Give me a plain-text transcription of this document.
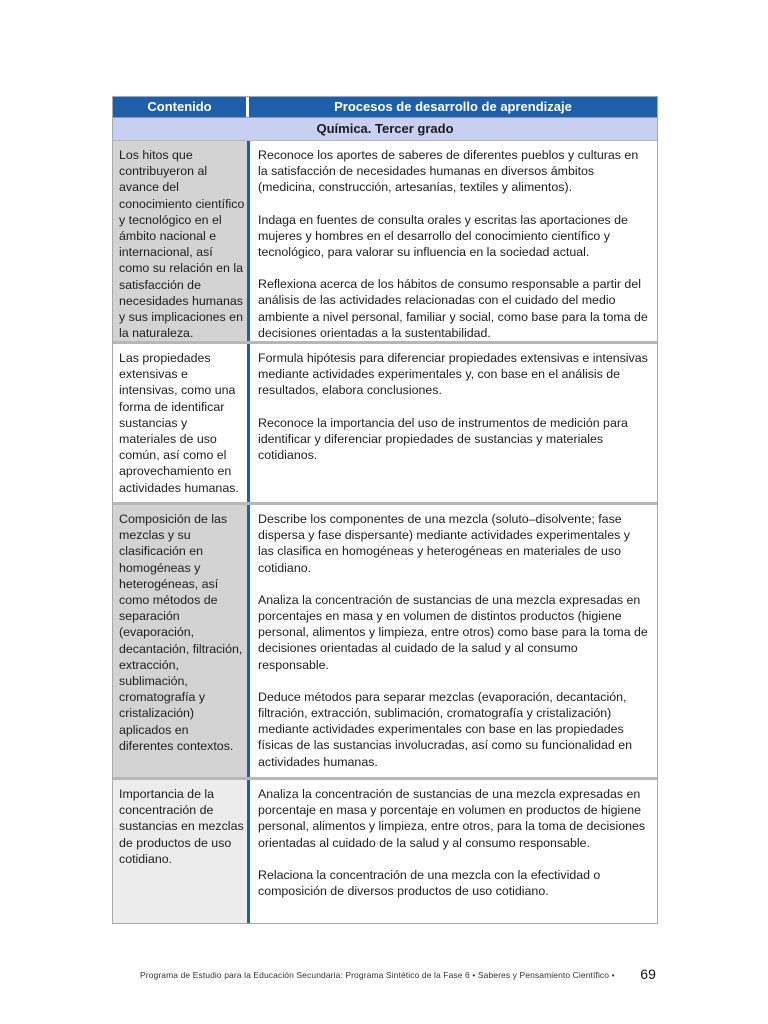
Contenido	Procesos de desarrollo de aprendizaje
Química. Tercer grado
Los hitos que contribuyeron al avance del conocimiento científico y tecnológico en el ámbito nacional e internacional, así como su relación en la satisfacción de necesidades humanas y sus implicaciones en la naturaleza.

Reconoce los aportes de saberes de diferentes pueblos y culturas en la satisfacción de necesidades humanas en diversos ámbitos (medicina, construcción, artesanías, textiles y alimentos).

Indaga en fuentes de consulta orales y escritas las aportaciones de mujeres y hombres en el desarrollo del conocimiento científico y tecnológico, para valorar su influencia en la sociedad actual.

Reflexiona acerca de los hábitos de consumo responsable a partir del análisis de las actividades relacionadas con el cuidado del medio ambiente a nivel personal, familiar y social, como base para la toma de decisiones orientadas a la sustentabilidad.

Las propiedades extensivas e intensivas, como una forma de identificar sustancias y materiales de uso común, así como el aprovechamiento en actividades humanas.

Formula hipótesis para diferenciar propiedades extensivas e intensivas mediante actividades experimentales y, con base en el análisis de resultados, elabora conclusiones.

Reconoce la importancia del uso de instrumentos de medición para identificar y diferenciar propiedades de sustancias y materiales cotidianos.

Composición de las mezclas y su clasificación en homogéneas y heterogéneas, así como métodos de separación (evaporación, decantación, filtración, extracción, sublimación, cromatografía y cristalización) aplicados en diferentes contextos.

Describe los componentes de una mezcla (soluto–disolvente; fase dispersa y fase dispersante) mediante actividades experimentales y las clasifica en homogéneas y heterogéneas en materiales de uso cotidiano.

Analiza la concentración de sustancias de una mezcla expresadas en porcentajes en masa y en volumen de distintos productos (higiene personal, alimentos y limpieza, entre otros) como base para la toma de decisiones orientadas al cuidado de la salud y al consumo responsable.

Deduce métodos para separar mezclas (evaporación, decantación, filtración, extracción, sublimación, cromatografía y cristalización) mediante actividades experimentales con base en las propiedades físicas de las sustancias involucradas, así como su funcionalidad en actividades humanas.

Importancia de la concentración de sustancias en mezclas de productos de uso cotidiano.

Analiza la concentración de sustancias de una mezcla expresadas en porcentaje en masa y porcentaje en volumen en productos de higiene personal, alimentos y limpieza, entre otros, para la toma de decisiones orientadas al cuidado de la salud y al consumo responsable.

Relaciona la concentración de una mezcla con la efectividad o composición de diversos productos de uso cotidiano.

Programa de Estudio para la Educación Secundaria: Programa Sintético de la Fase 6 • Saberes y Pensamiento Científico • 69
